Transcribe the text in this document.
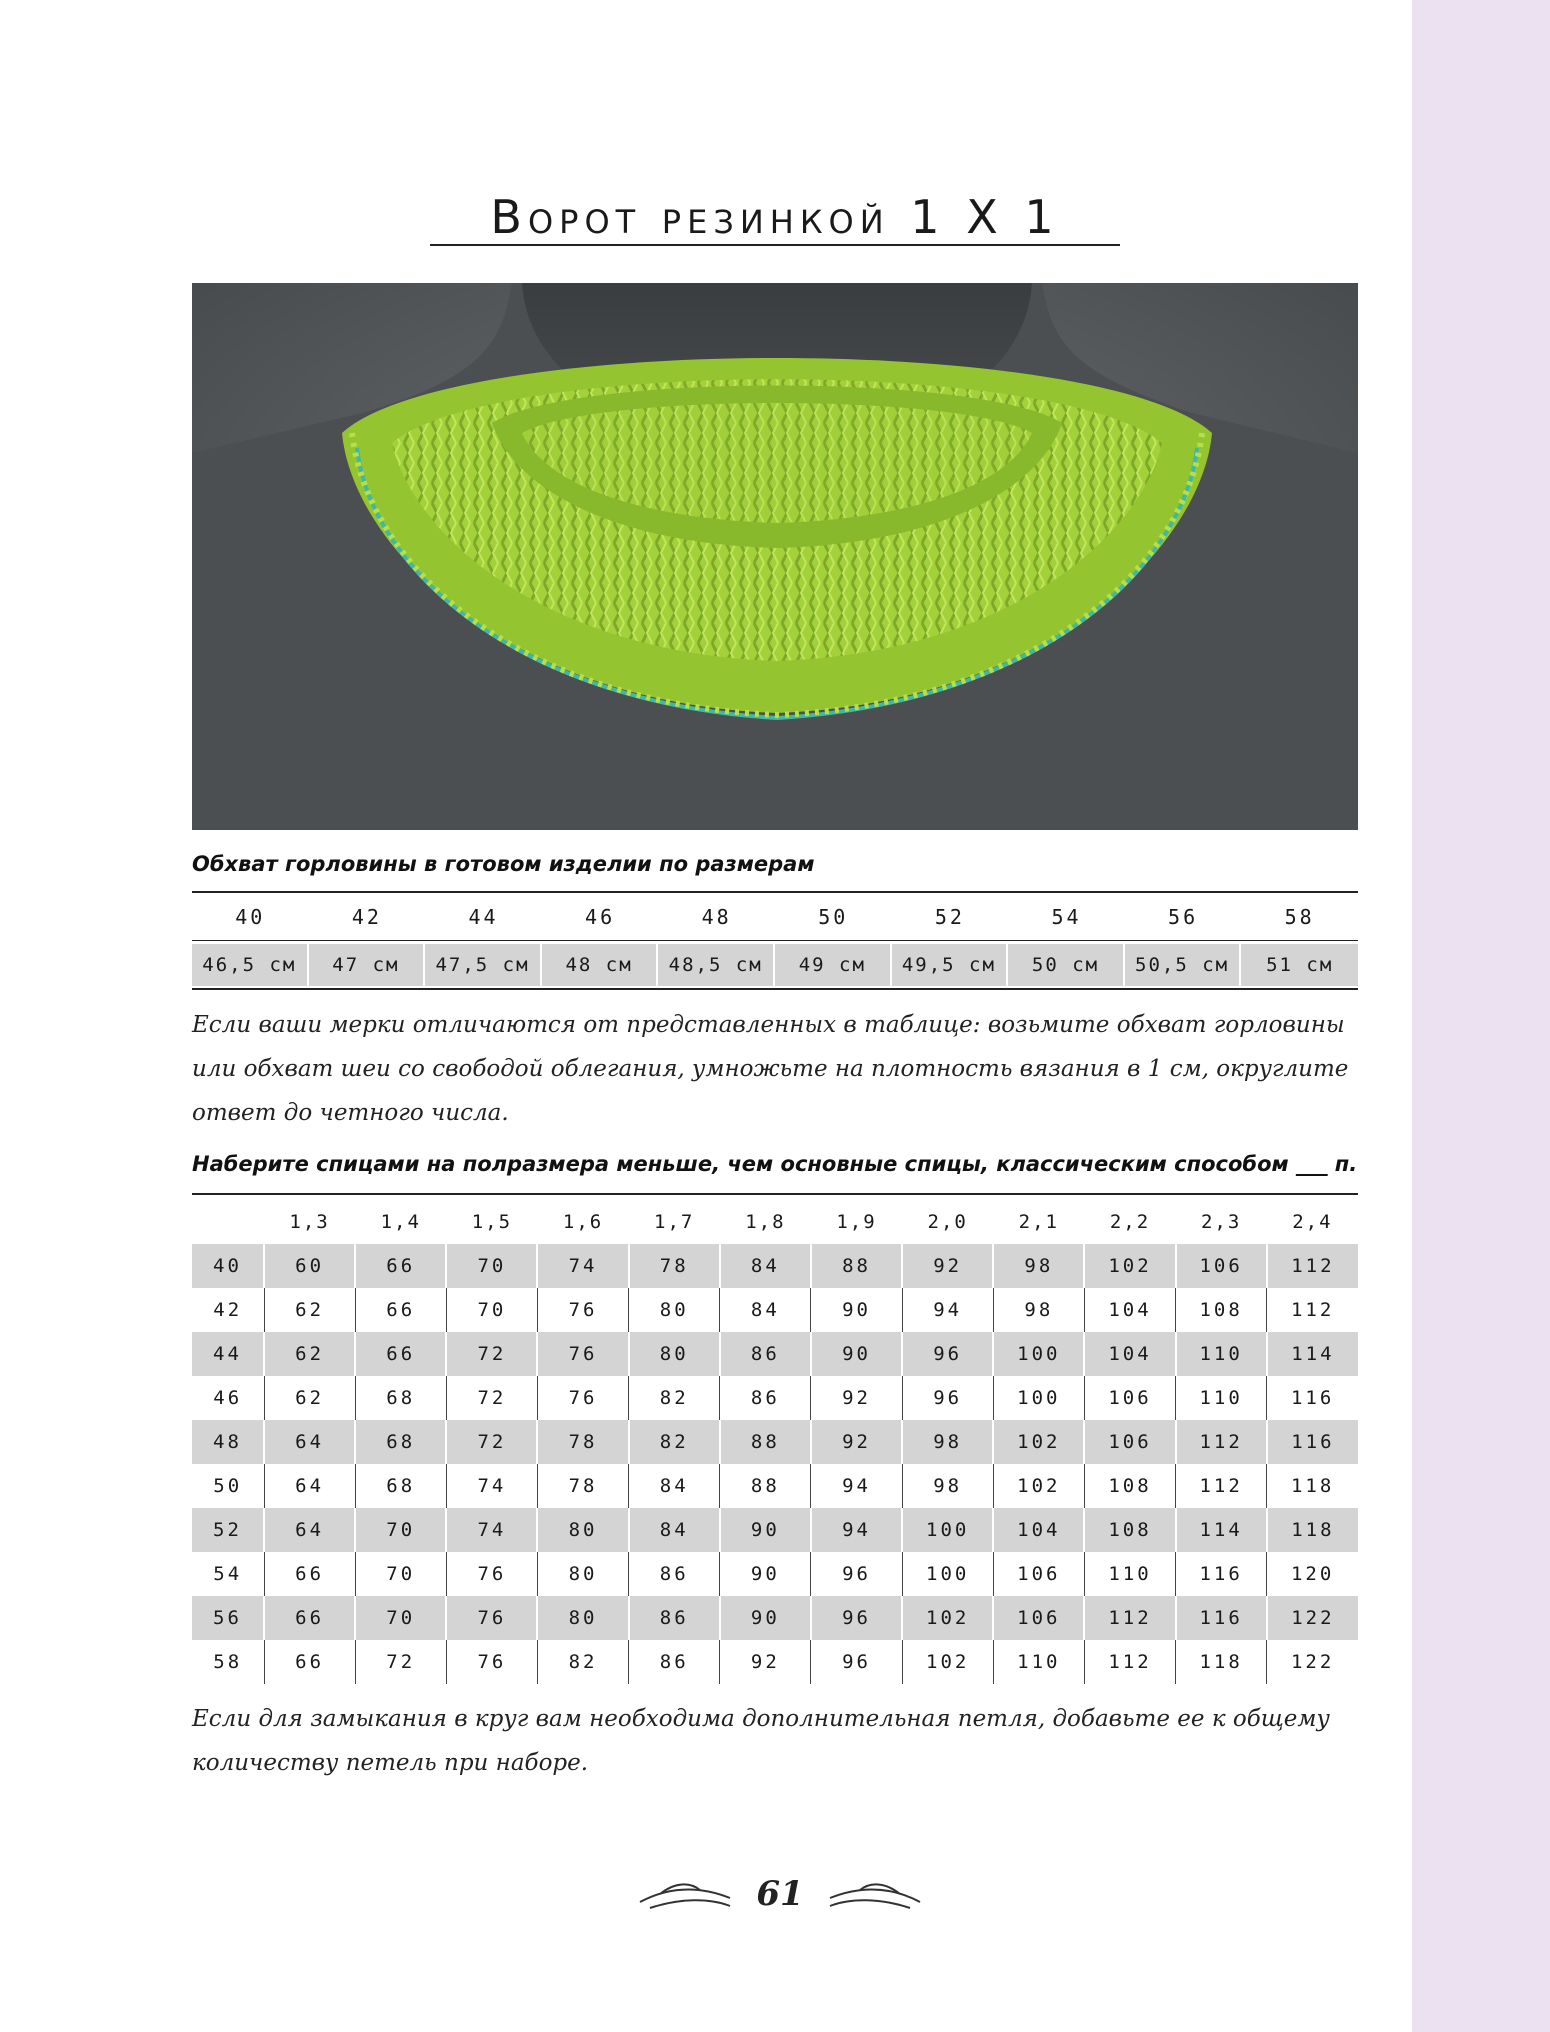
Ворот резинкой 1 Х 1
Обхват горловины в готовом изделии по размерам
40	42	44	46	48	50	52	54	56	58
46,5 см	47 см	47,5 см	48 см	48,5 см	49 см	49,5 см	50 см	50,5 см	51 см
Если ваши мерки отличаются от представленных в таблице: возьмите обхват горловины или обхват шеи со свободой облегания, умножьте на плотность вязания в 1 см, округлите ответ до четного числа.
Наберите спицами на полразмера меньше, чем основные спицы, классическим способом ___ п.
	1,3	1,4	1,5	1,6	1,7	1,8	1,9	2,0	2,1	2,2	2,3	2,4
40	60	66	70	74	78	84	88	92	98	102	106	112
42	62	66	70	76	80	84	90	94	98	104	108	112
44	62	66	72	76	80	86	90	96	100	104	110	114
46	62	68	72	76	82	86	92	96	100	106	110	116
48	64	68	72	78	82	88	92	98	102	106	112	116
50	64	68	74	78	84	88	94	98	102	108	112	118
52	64	70	74	80	84	90	94	100	104	108	114	118
54	66	70	76	80	86	90	96	100	106	110	116	120
56	66	70	76	80	86	90	96	102	106	112	116	122
58	66	72	76	82	86	92	96	102	110	112	118	122
Если для замыкания в круг вам необходима дополнительная петля, добавьте ее к общему количеству петель при наборе.
61
